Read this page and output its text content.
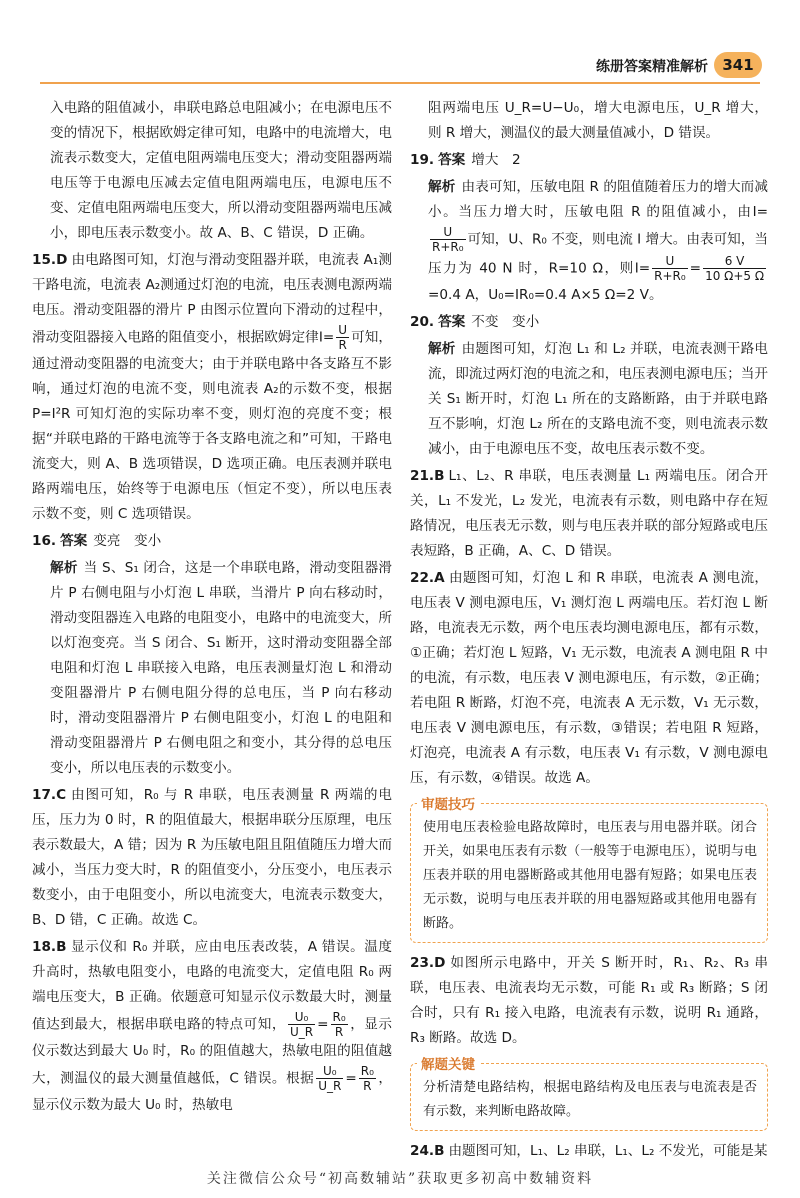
练册答案精准解析 341

入电路的阻值减小，串联电路总电阻减小；在电源电压不变的情况下，根据欧姆定律可知，电路中的电流增大，电流表示数变大，定值电阻两端电压变大；滑动变阻器两端电压等于电源电压减去定值电阻两端电压，电源电压不变、定值电阻两端电压变大，所以滑动变阻器两端电压减小，即电压表示数变小。故 A、B、C 错误，D 正确。

15.D 由电路图可知，灯泡与滑动变阻器并联，电流表 A₁测干路电流，电流表 A₂测通过灯泡的电流，电压表测电源两端电压。滑动变阻器的滑片 P 由图示位置向下滑动的过程中，滑动变阻器接入电路的阻值变小，根据欧姆定律$I= \frac{U}{R}$ 可知，通过滑动变阻器的电流变大；由于并联电路中各支路互不影响，通过灯泡的电流不变，则电流表 A₂的示数不变，根据 P=I²R 可知灯泡的实际功率不变，则灯泡的亮度不变；根据“并联电路的干路电流等于各支路电流之和”可知，干路电流变大，则 A、B 选项错误，D 选项正确。电压表测并联电路两端电压，始终等于电源电压（恒定不变），所以电压表示数不变，则 C 选项错误。

16. 答案 变亮　变小

解析 当 S、S₁ 闭合，这是一个串联电路，滑动变阻器滑片 P 右侧电阻与小灯泡 L 串联，当滑片 P 向右移动时，滑动变阻器连入电路的电阻变小，电路中的电流变大，所以灯泡变亮。当 S 闭合、S₁ 断开，这时滑动变阻器全部电阻和灯泡 L 串联接入电路，电压表测量灯泡 L 和滑动变阻器滑片 P 右侧电阻分得的总电压，当 P 向右移动时，滑动变阻器滑片 P 右侧电阻变小，灯泡 L 的电阻和滑动变阻器滑片 P 右侧电阻之和变小，其分得的总电压变小，所以电压表的示数变小。

17.C 由图可知，R₀ 与 R 串联，电压表测量 R 两端的电压，压力为 0 时，R 的阻值最大，根据串联分压原理，电压表示数最大，A 错；因为 R 为压敏电阻且阻值随压力增大而减小，当压力变大时，R 的阻值变小，分压变小，电压表示数变小，由于电阻变小，所以电流变大，电流表示数变大，B、D 错，C 正确。故选 C。

18.B 显示仪和 R₀ 并联，应由电压表改装，A 错误。温度升高时，热敏电阻变小，电路的电流变大，定值电阻 R₀ 两端电压变大，B 正确。依题意可知显示仪示数最大时，测量值达到最大，根据串联电路的特点可知， $\frac{\text{U₀}}{U\_R} = \frac{\text{R₀}}{R}$ ，显示仪示数达到最大 U₀ 时，R₀ 的阻值越大，热敏电阻的阻值越大，测温仪的最大测量值越低，C 错误。根据 $\frac{\text{U₀}}{U\_R} = \frac{\text{R₀}}{R}$ ，显示仪示数为最大 U₀ 时，热敏电

阻两端电压 U_R=U−U₀，增大电源电压，U_R 增大，则 R 增大，测温仪的最大测量值减小，D 错误。

19. 答案 增大　2

解析 由表可知，压敏电阻 R 的阻值随着压力的增大而减小。当压力增大时，压敏电阻 R 的阻值减小，由I=
$\frac{U}{\text{R+R₀}}$ 可知，U、R₀ 不变，则电流 I 增大。由表可知，当压力为 40 N 时，R=10 Ω，则$I= \frac{U}{\text{R+R₀}} = \frac{6 V}{10 \Omega+5 \Omega}$
=0.4 A，U₀=IR₀=0.4 A×5 Ω=2 V。

20. 答案 不变　变小

解析 由题图可知，灯泡 L₁ 和 L₂ 并联，电流表测干路电流，即流过两灯泡的电流之和，电压表测电源电压；当开关 S₁ 断开时，灯泡 L₁ 所在的支路断路，由于并联电路互不影响，灯泡 L₂ 所在的支路电流不变，则电流表示数减小，由于电源电压不变，故电压表示数不变。

21.B L₁、L₂、R 串联，电压表测量 L₁ 两端电压。闭合开关，L₁ 不发光，L₂ 发光，电流表有示数，则电路中存在短路情况，电压表无示数，则与电压表并联的部分短路或电压表短路，B 正确，A、C、D 错误。

22.A 由题图可知，灯泡 L 和 R 串联，电流表 A 测电流，电压表 V 测电源电压，V₁ 测灯泡 L 两端电压。若灯泡 L 断路，电流表无示数，两个电压表均测电源电压，都有示数，①正确；若灯泡 L 短路，V₁ 无示数，电流表 A 测电阻 R 中的电流，有示数，电压表 V 测电源电压，有示数，②正确；若电阻 R 断路，灯泡不亮，电流表 A 无示数，V₁ 无示数，电压表 V 测电源电压，有示数，③错误；若电阻 R 短路，灯泡亮，电流表 A 有示数，电压表 V₁ 有示数，V 测电源电压，有示数，④错误。故选 A。

审题技巧
使用电压表检验电路故障时，电压表与用电器并联。闭合开关，如果电压表有示数（一般等于电源电压），说明与电压表并联的用电器断路或其他用电器有短路；如果电压表无示数，说明与电压表并联的用电器短路或其他用电器有断路。

23.D 如图所示电路中，开关 S 断开时，R₁、R₂、R₃ 串联，电压表、电流表均无示数，可能 R₁ 或 R₃ 断路；S 闭合时，只有 R₁ 接入电路，电流表有示数，说明 R₁ 通路，R₃ 断路。故选 D。

解题关键
分析清楚电路结构，根据电路结构及电压表与电流表是否有示数，来判断电路故障。

24.B 由题图可知，L₁、L₂ 串联，L₁、L₂ 不发光，可能是某

关注微信公众号“初高数辅站”获取更多初高中数辅资料
